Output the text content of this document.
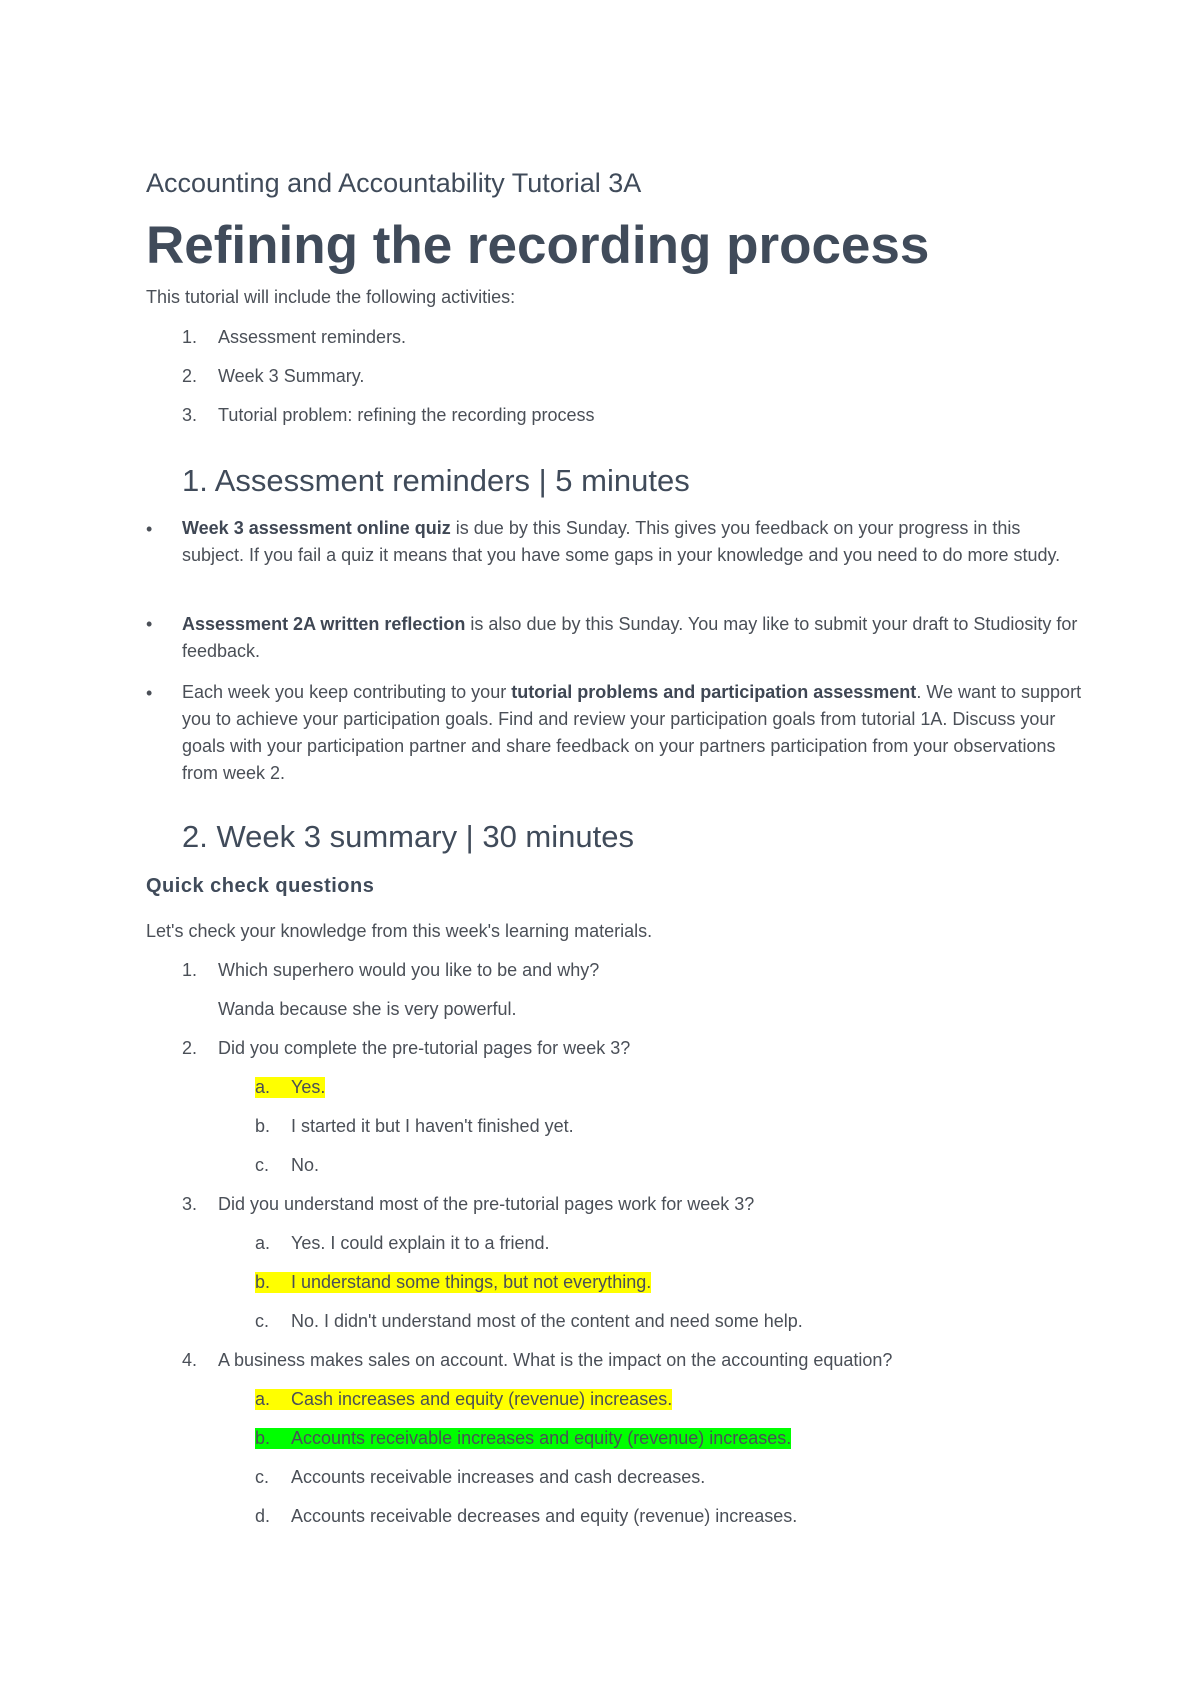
Accounting and Accountability Tutorial 3A
Refining the recording process
This tutorial will include the following activities:
1.	Assessment reminders.
2.	Week 3 Summary.
3.	Tutorial problem: refining the recording process
1. Assessment reminders | 5 minutes
•	Week 3 assessment online quiz is due by this Sunday. This gives you feedback on your progress in this subject. If you fail a quiz it means that you have some gaps in your knowledge and you need to do more study.
•	Assessment 2A written reflection is also due by this Sunday. You may like to submit your draft to Studiosity for feedback.
•	Each week you keep contributing to your tutorial problems and participation assessment. We want to support you to achieve your participation goals. Find and review your participation goals from tutorial 1A. Discuss your goals with your participation partner and share feedback on your partners participation from your observations from week 2.
2. Week 3 summary | 30 minutes
Quick check questions
Let's check your knowledge from this week's learning materials.
1.	Which superhero would you like to be and why?
Wanda because she is very powerful.
2.	Did you complete the pre-tutorial pages for week 3?
a. Yes.
b. I started it but I haven't finished yet.
c. No.
3.	Did you understand most of the pre-tutorial pages work for week 3?
a. Yes. I could explain it to a friend.
b. I understand some things, but not everything.
c. No. I didn't understand most of the content and need some help.
4.	A business makes sales on account. What is the impact on the accounting equation?
a. Cash increases and equity (revenue) increases.
b. Accounts receivable increases and equity (revenue) increases.
c. Accounts receivable increases and cash decreases.
d. Accounts receivable decreases and equity (revenue) increases.
